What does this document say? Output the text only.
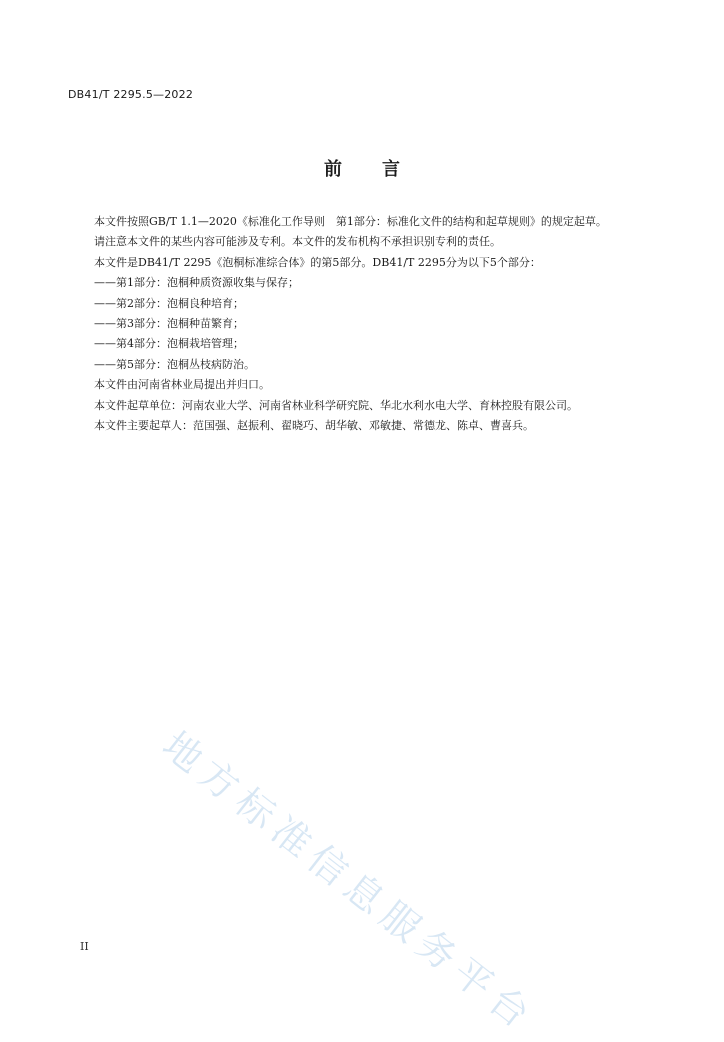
DB41/T 2295.5—2022
前 言

本文件按照GB/T 1.1—2020《标准化工作导则　第1部分：标准化文件的结构和起草规则》的规定起草。

请注意本文件的某些内容可能涉及专利。本文件的发布机构不承担识别专利的责任。

本文件是DB41/T 2295《泡桐标准综合体》的第5部分。DB41/T 2295分为以下5个部分：

——第1部分：泡桐种质资源收集与保存；

——第2部分：泡桐良种培育；

——第3部分：泡桐种苗繁育；

——第4部分：泡桐栽培管理；

——第5部分：泡桐丛枝病防治。

本文件由河南省林业局提出并归口。

本文件起草单位：河南农业大学、河南省林业科学研究院、华北水利水电大学、育林控股有限公司。

本文件主要起草人：范国强、赵振利、翟晓巧、胡华敏、邓敏捷、常德龙、陈卓、曹喜兵。

地方标准信息服务平台
II
